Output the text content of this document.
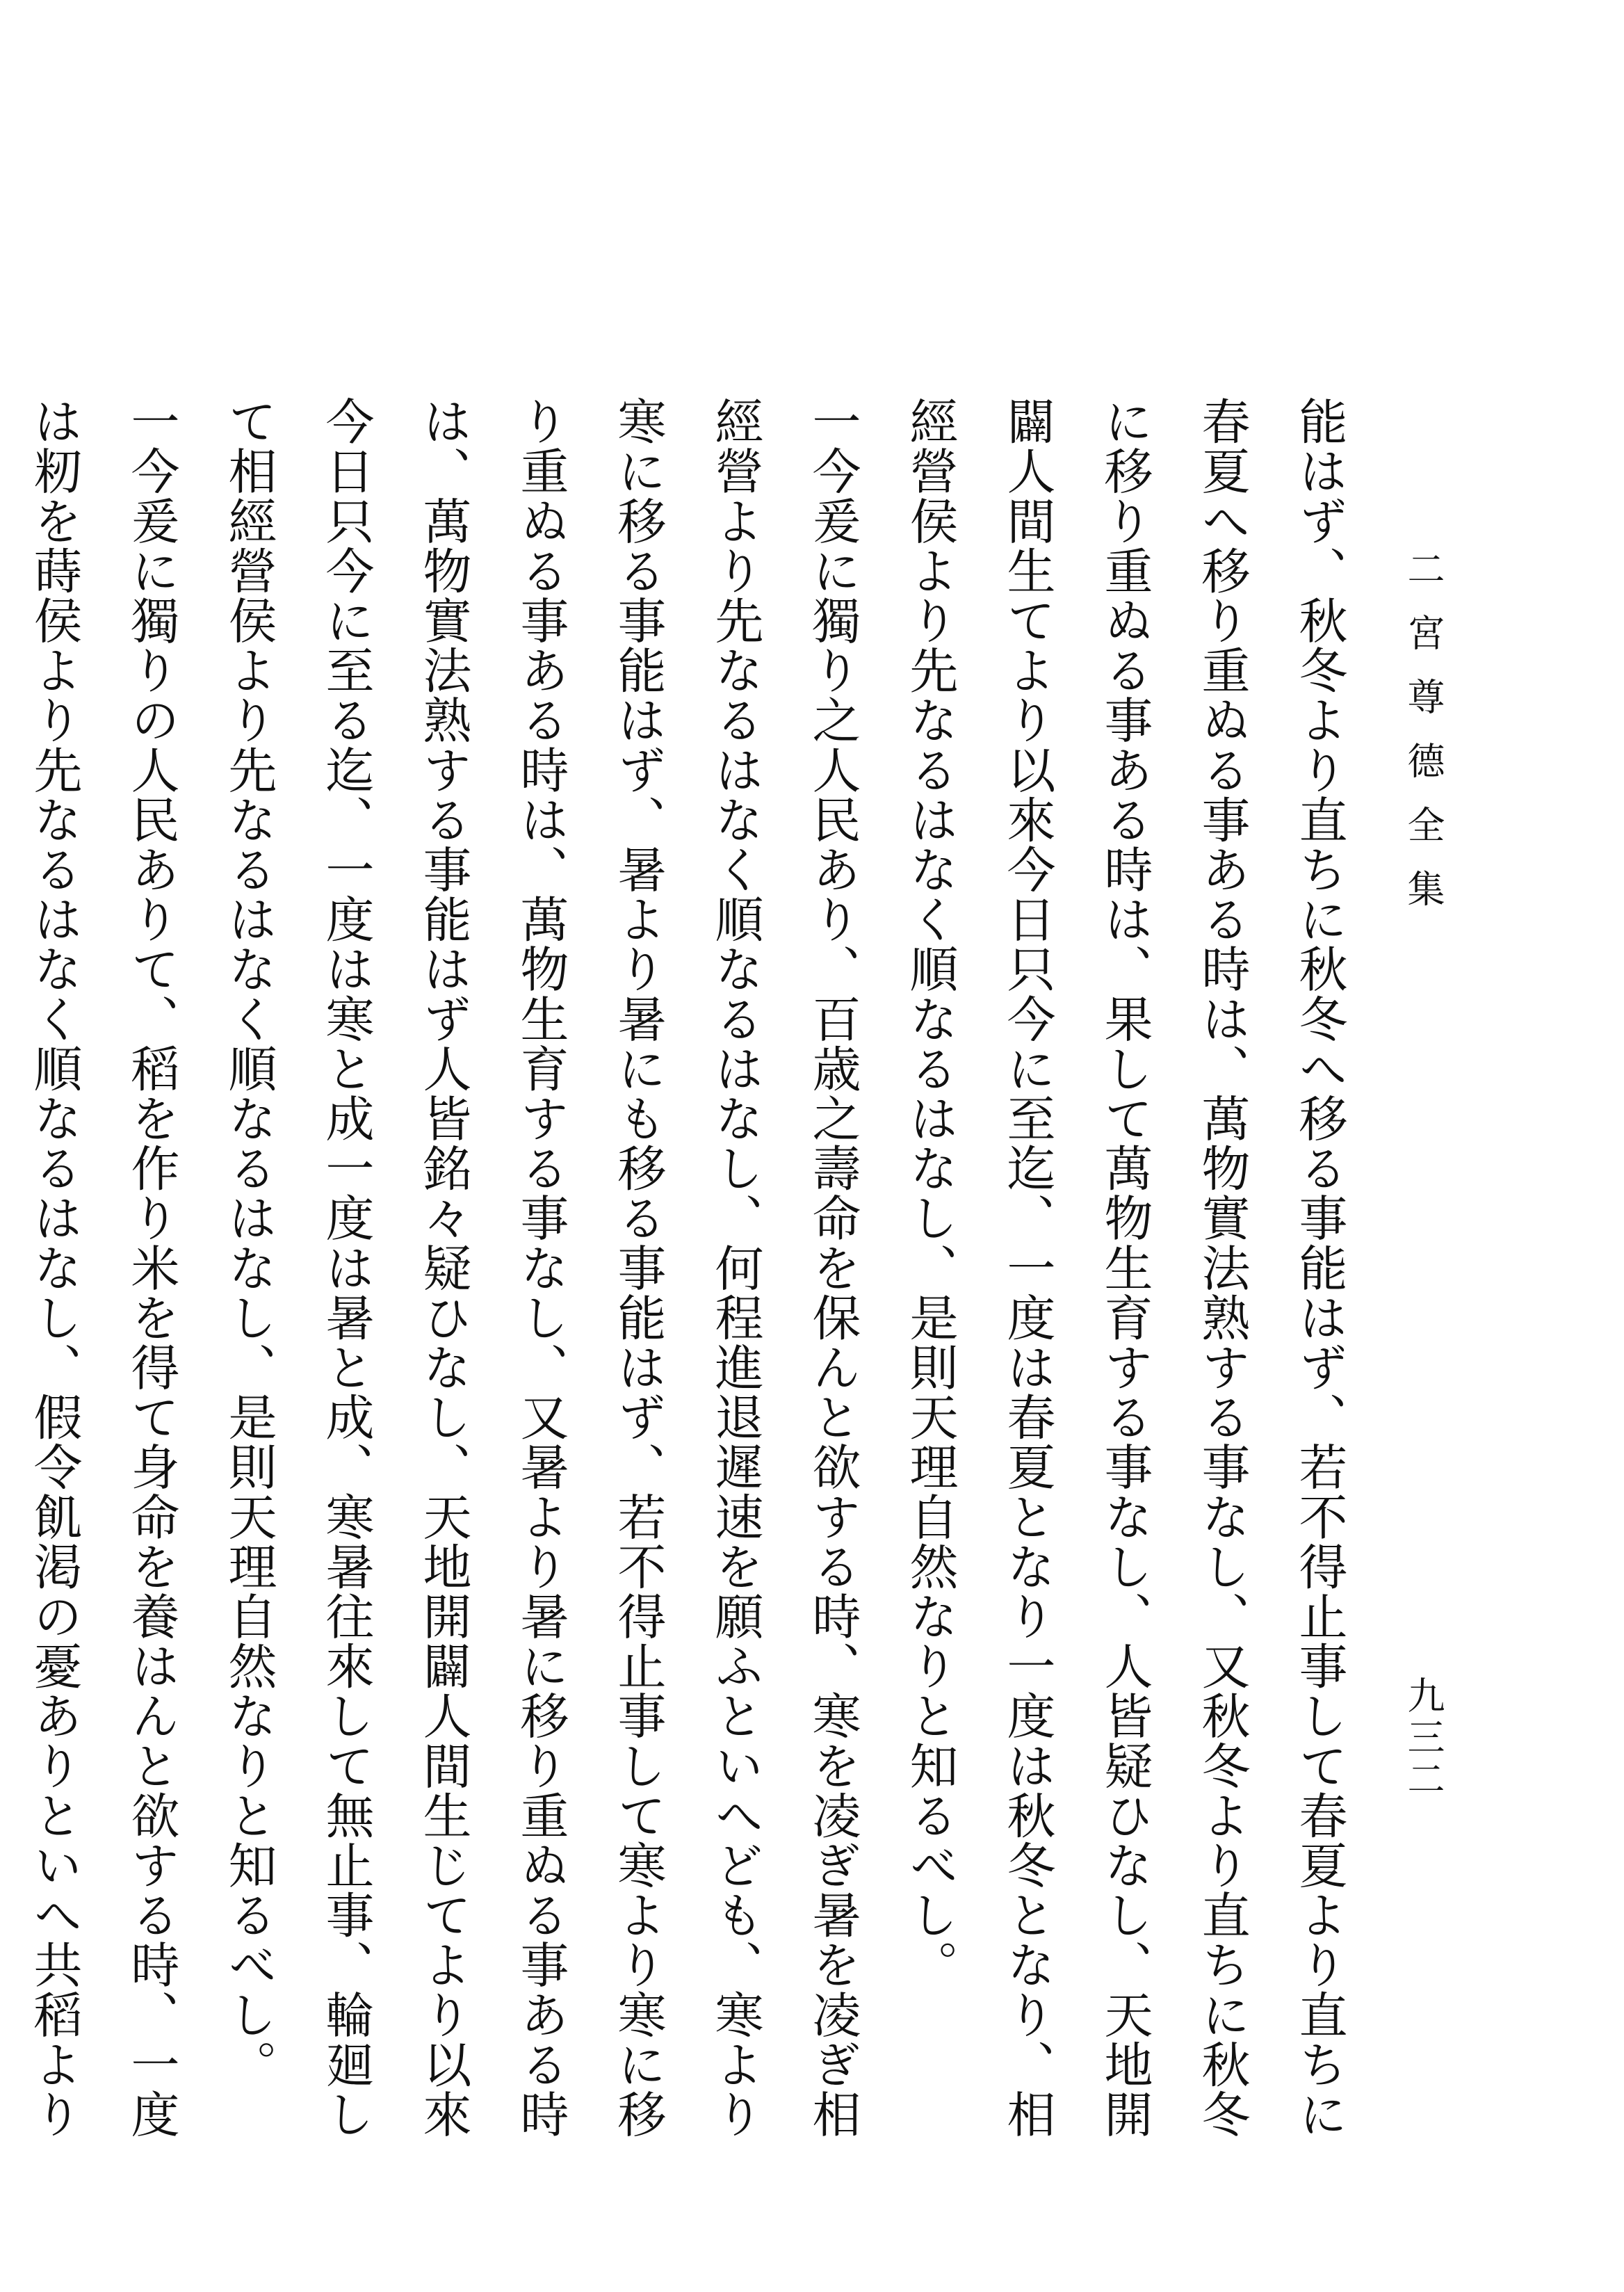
二宮尊德全集
九三二

能はず、秋冬より直ちに秋冬へ移る事能はず、若不得止事して春夏より直ちに春夏へ移り重ぬる事ある時は、萬物實法熟する事なし、又秋冬より直ちに秋冬に移り重ぬる事ある時は、果して萬物生育する事なし、人皆疑ひなし、天地開闢人間生てより以來今日只今に至迄、一度は春夏となり一度は秋冬となり、相經營侯より先なるはなく順なるはなし、是則天理自然なりと知るべし。

一今爰に獨り之人民あり、百歳之壽命を保んと欲する時、寒を凌ぎ暑を凌ぎ相經營より先なるはなく順なるはなし、何程進退遲速を願ふといへども、寒より寒に移る事能はず、暑より暑にも移る事能はず、若不得止事して寒より寒に移り重ぬる事ある時は、萬物生育する事なし、又暑より暑に移り重ぬる事ある時は、萬物實法熟する事能はず人皆銘々疑ひなし、天地開闢人間生じてより以來今日只今に至る迄、一度は寒と成一度は暑と成、寒暑往來して無止事、輪廻して相經營侯より先なるはなく順なるはなし、是則天理自然なりと知るべし。

一今爰に獨りの人民ありて、稻を作り米を得て身命を養はんと欲する時、一度は籾を蒔侯より先なるはなく順なるはなし、假令飢渇の憂ありといへ共稻より
